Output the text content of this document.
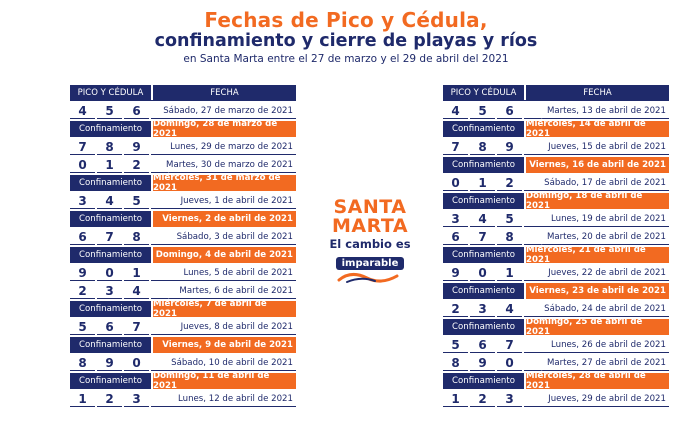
Fechas de Pico y Cédula,
confinamiento y cierre de playas y ríos
en Santa Marta entre el 27 de marzo y el 29 de abril del 2021
PICO Y CÉDULA	FECHA
4	5	6	Sábado, 27 de marzo de 2021
Confinamiento	Domingo, 28 de marzo de 2021
7	8	9	Lunes, 29 de marzo de 2021
0	1	2	Martes, 30 de marzo de 2021
Confinamiento	Miércoles, 31 de marzo de 2021
3	4	5	Jueves, 1 de abril de 2021
Confinamiento	Viernes, 2 de abril de 2021
6	7	8	Sábado, 3 de abril de 2021
Confinamiento	Domingo, 4 de abril de 2021
9	0	1	Lunes, 5 de abril de 2021
2	3	4	Martes, 6 de abril de 2021
Confinamiento	Miércoles, 7 de abril de 2021
5	6	7	Jueves, 8 de abril de 2021
Confinamiento	Viernes, 9 de abril de 2021
8	9	0	Sábado, 10 de abril de 2021
Confinamiento	Domingo, 11 de abril de 2021
1	2	3	Lunes, 12 de abril de 2021
SANTA
MARTA
El cambio es
imparable
PICO Y CÉDULA	FECHA
4	5	6	Martes, 13 de abril de 2021
Confinamiento	Miércoles, 14 de abril de 2021
7	8	9	Jueves, 15 de abril de 2021
Confinamiento	Viernes, 16 de abril de 2021
0	1	2	Sábado, 17 de abril de 2021
Confinamiento	Domingo, 18 de abril de 2021
3	4	5	Lunes, 19 de abril de 2021
6	7	8	Martes, 20 de abril de 2021
Confinamiento	Miércoles, 21 de abril de 2021
9	0	1	Jueves, 22 de abril de 2021
Confinamiento	Viernes, 23 de abril de 2021
2	3	4	Sábado, 24 de abril de 2021
Confinamiento	Domingo, 25 de abril de 2021
5	6	7	Lunes, 26 de abril de 2021
8	9	0	Martes, 27 de abril de 2021
Confinamiento	Miércoles, 28 de abril de 2021
1	2	3	Jueves, 29 de abril de 2021
